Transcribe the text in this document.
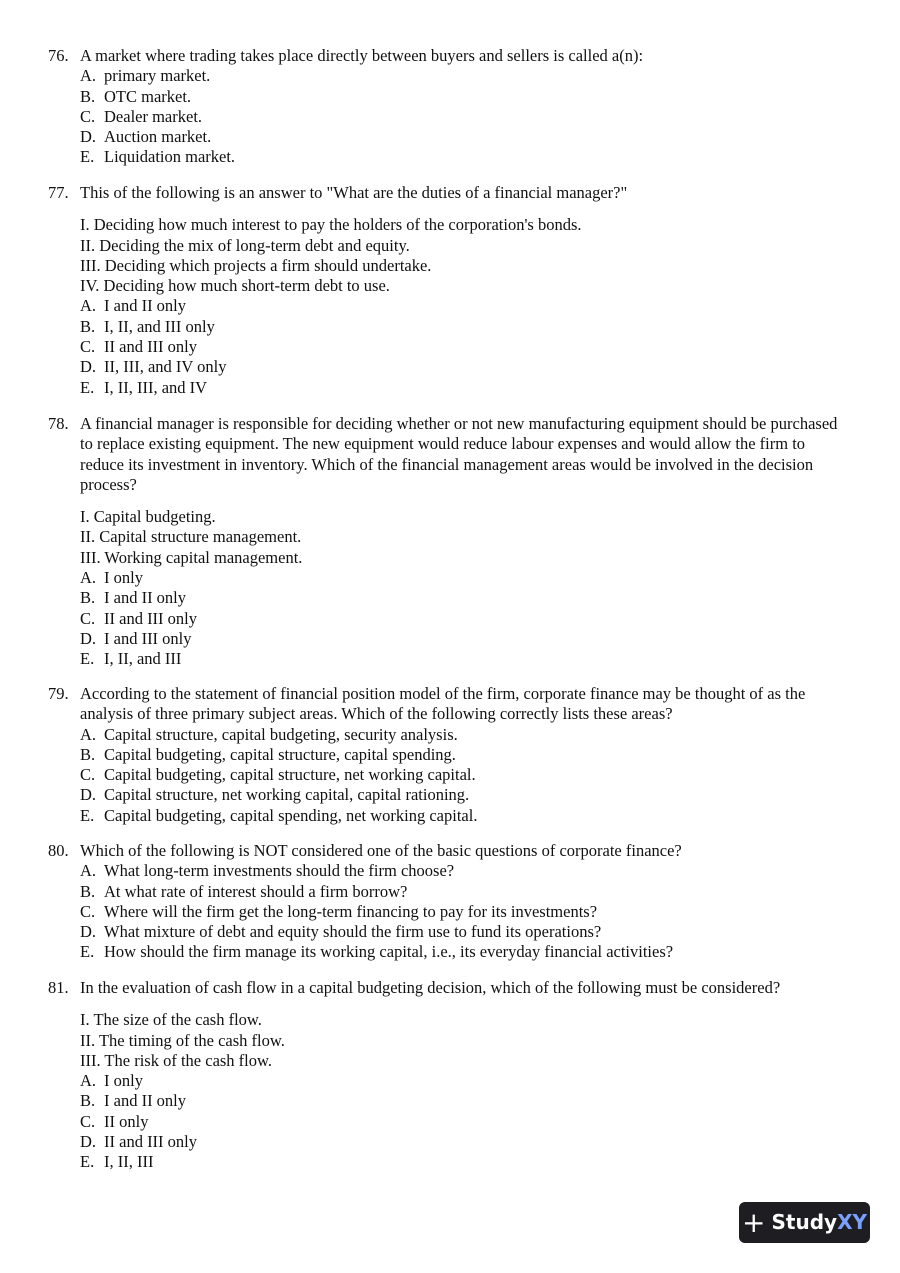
76. A market where trading takes place directly between buyers and sellers is called a(n):
A. primary market.
B. OTC market.
C. Dealer market.
D. Auction market.
E. Liquidation market.
77. This of the following is an answer to "What are the duties of a financial manager?"
I. Deciding how much interest to pay the holders of the corporation's bonds.
II. Deciding the mix of long-term debt and equity.
III. Deciding which projects a firm should undertake.
IV. Deciding how much short-term debt to use.
A. I and II only
B. I, II, and III only
C. II and III only
D. II, III, and IV only
E. I, II, III, and IV
78. A financial manager is responsible for deciding whether or not new manufacturing equipment should be purchased to replace existing equipment. The new equipment would reduce labour expenses and would allow the firm to reduce its investment in inventory. Which of the financial management areas would be involved in the decision process?
I. Capital budgeting.
II. Capital structure management.
III. Working capital management.
A. I only
B. I and II only
C. II and III only
D. I and III only
E. I, II, and III
79. According to the statement of financial position model of the firm, corporate finance may be thought of as the analysis of three primary subject areas. Which of the following correctly lists these areas?
A. Capital structure, capital budgeting, security analysis.
B. Capital budgeting, capital structure, capital spending.
C. Capital budgeting, capital structure, net working capital.
D. Capital structure, net working capital, capital rationing.
E. Capital budgeting, capital spending, net working capital.
80. Which of the following is NOT considered one of the basic questions of corporate finance?
A. What long-term investments should the firm choose?
B. At what rate of interest should a firm borrow?
C. Where will the firm get the long-term financing to pay for its investments?
D. What mixture of debt and equity should the firm use to fund its operations?
E. How should the firm manage its working capital, i.e., its everyday financial activities?
81. In the evaluation of cash flow in a capital budgeting decision, which of the following must be considered?
I. The size of the cash flow.
II. The timing of the cash flow.
III. The risk of the cash flow.
A. I only
B. I and II only
C. II only
D. II and III only
E. I, II, III
+ Study XY
